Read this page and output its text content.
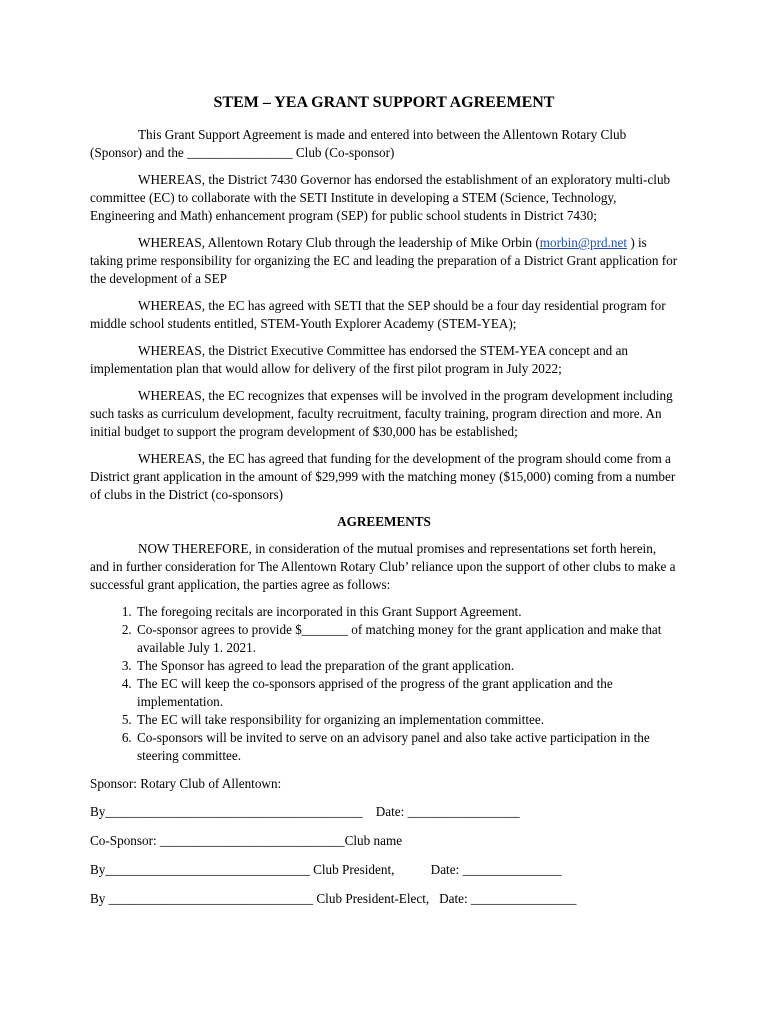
STEM – YEA GRANT SUPPORT AGREEMENT

This Grant Support Agreement is made and entered into between the Allentown Rotary Club (Sponsor) and the ________________ Club (Co-sponsor)

WHEREAS, the District 7430 Governor has endorsed the establishment of an exploratory multi-club committee (EC) to collaborate with the SETI Institute in developing a STEM (Science, Technology, Engineering and Math) enhancement program (SEP) for public school students in District 7430;

WHEREAS, Allentown Rotary Club through the leadership of Mike Orbin (morbin@prd.net ) is taking prime responsibility for organizing the EC and leading the preparation of a District Grant application for the development of a SEP

WHEREAS, the EC has agreed with SETI that the SEP should be a four day residential program for middle school students entitled, STEM-Youth Explorer Academy (STEM-YEA);

WHEREAS, the District Executive Committee has endorsed the STEM-YEA concept and an implementation plan that would allow for delivery of the first pilot program in July 2022;

WHEREAS, the EC recognizes that expenses will be involved in the program development including such tasks as curriculum development, faculty recruitment, faculty training, program direction and more. An initial budget to support the program development of $30,000 has be established;

WHEREAS, the EC has agreed that funding for the development of the program should come from a District grant application in the amount of $29,999 with the matching money ($15,000) coming from a number of clubs in the District (co-sponsors)

AGREEMENTS

NOW THEREFORE, in consideration of the mutual promises and representations set forth herein, and in further consideration for The Allentown Rotary Club’ reliance upon the support of other clubs to make a successful grant application, the parties agree as follows:

1. The foregoing recitals are incorporated in this Grant Support Agreement.
2. Co-sponsor agrees to provide $_______ of matching money for the grant application and make that available July 1. 2021.
3. The Sponsor has agreed to lead the preparation of the grant application.
4. The EC will keep the co-sponsors apprised of the progress of the grant application and the implementation.
5. The EC will take responsibility for organizing an implementation committee.
6. Co-sponsors will be invited to serve on an advisory panel and also take active participation in the steering committee.
Sponsor: Rotary Club of Allentown:
By_______________________________________    Date: _________________
Co-Sponsor: ____________________________Club name
By_______________________________ Club President,           Date: _______________
By _______________________________ Club President-Elect,   Date: ________________
